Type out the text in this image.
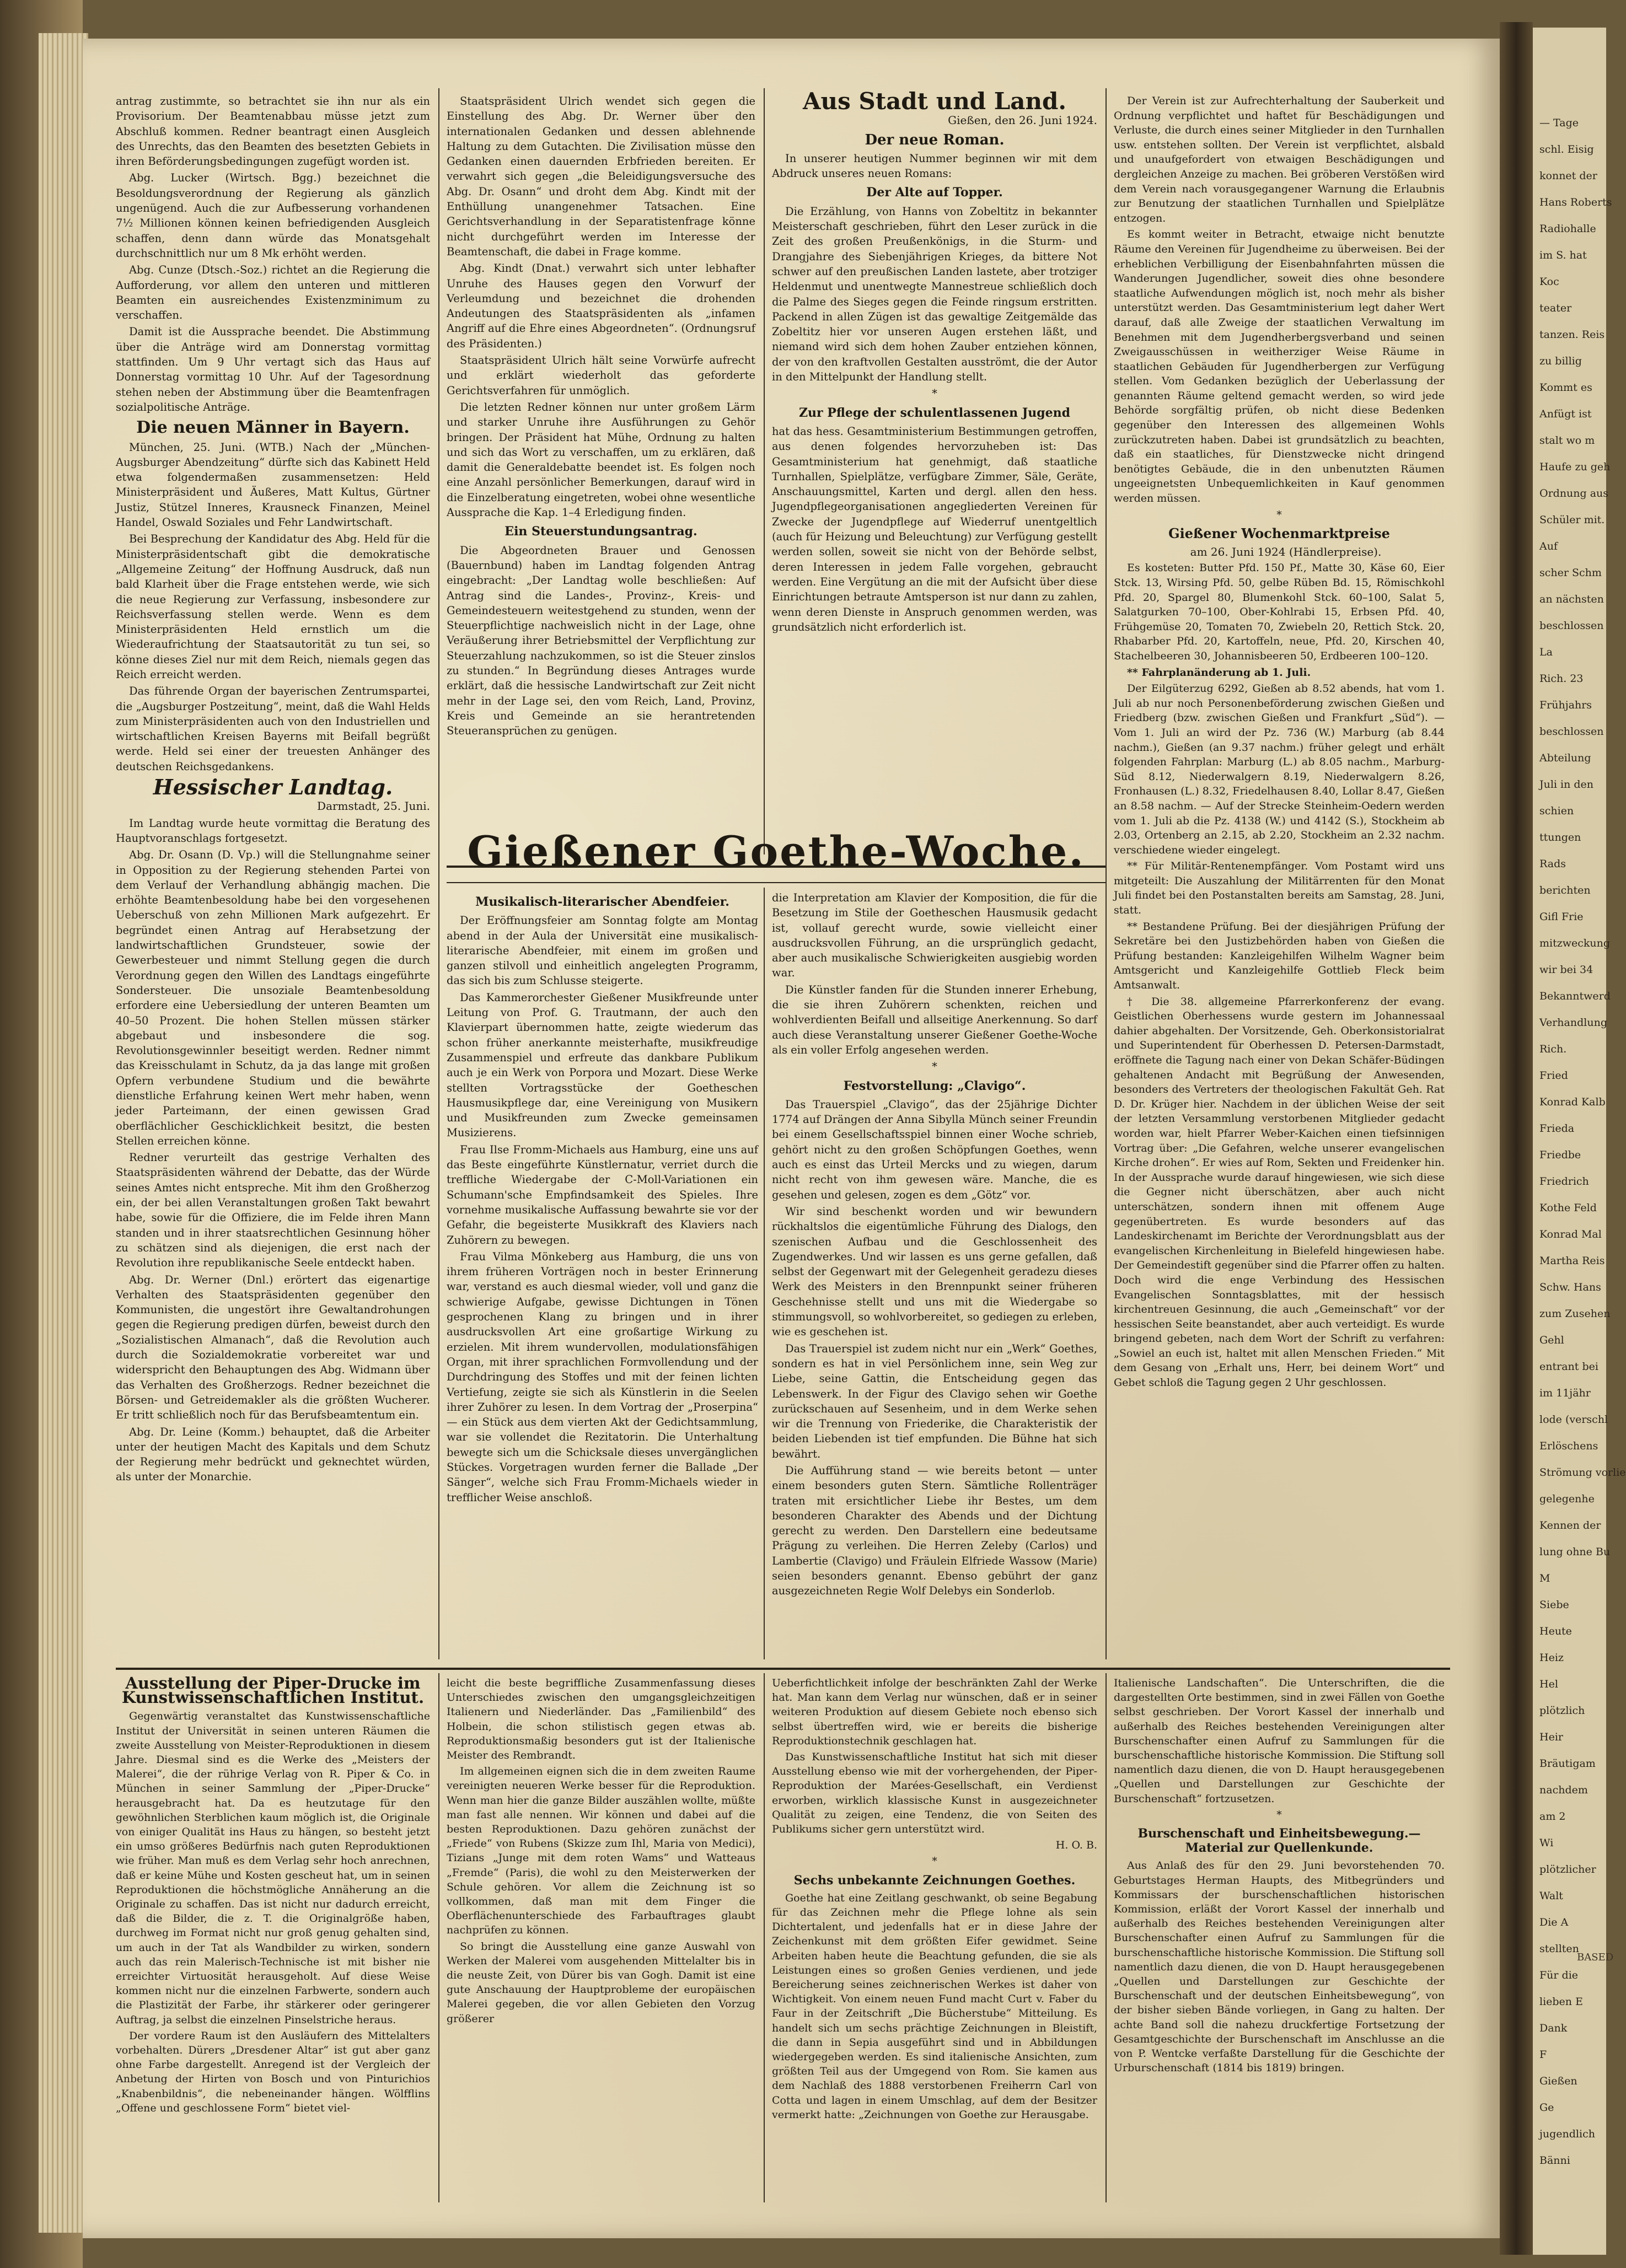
antrag zustimmte, so betrachtet sie ihn nur als ein Provisorium. Der Beamtenabbau müsse jetzt zum Abschluß kommen. Redner beantragt einen Ausgleich des Unrechts, das den Beamten des besetzten Gebiets in ihren Beförderungsbedingungen zugefügt worden ist.

Abg. Lucker (Wirtsch. Bgg.) bezeichnet die Besoldungsverordnung der Regierung als gänzlich ungenügend. Auch die zur Aufbesserung vorhandenen 7½ Millionen können keinen befriedigenden Ausgleich schaffen, denn dann würde das Monatsgehalt durchschnittlich nur um 8 Mk erhöht werden.

Abg. Cunze (Dtsch.-Soz.) richtet an die Regierung die Aufforderung, vor allem den unteren und mittleren Beamten ein ausreichendes Existenzminimum zu verschaffen.

Damit ist die Aussprache beendet. Die Abstimmung über die Anträge wird am Donnerstag vormittag stattfinden. Um 9 Uhr vertagt sich das Haus auf Donnerstag vormittag 10 Uhr. Auf der Tagesordnung stehen neben der Abstimmung über die Beamtenfragen sozialpolitische Anträge.

Die neuen Männer in Bayern.

München, 25. Juni. (WTB.) Nach der „München-Augsburger Abendzeitung“ dürfte sich das Kabinett Held etwa folgendermaßen zusammensetzen: Held Ministerpräsident und Äußeres, Matt Kultus, Gürtner Justiz, Stützel Inneres, Krausneck Finanzen, Meinel Handel, Oswald Soziales und Fehr Landwirtschaft.

Bei Besprechung der Kandidatur des Abg. Held für die Ministerpräsidentschaft gibt die demokratische „Allgemeine Zeitung“ der Hoffnung Ausdruck, daß nun bald Klarheit über die Frage entstehen werde, wie sich die neue Regierung zur Verfassung, insbesondere zur Reichsverfassung stellen werde. Wenn es dem Ministerpräsidenten Held ernstlich um die Wiederaufrichtung der Staatsautorität zu tun sei, so könne dieses Ziel nur mit dem Reich, niemals gegen das Reich erreicht werden.

Das führende Organ der bayerischen Zentrumspartei, die „Augsburger Postzeitung“, meint, daß die Wahl Helds zum Ministerpräsidenten auch von den Industriellen und wirtschaftlichen Kreisen Bayerns mit Beifall begrüßt werde. Held sei einer der treuesten Anhänger des deutschen Reichsgedankens.

Hessischer Landtag.

Darmstadt, 25. Juni.

Im Landtag wurde heute vormittag die Beratung des Hauptvoranschlags fortgesetzt.

Abg. Dr. Osann (D. Vp.) will die Stellungnahme seiner in Opposition zu der Regierung stehenden Partei von dem Verlauf der Verhandlung abhängig machen. Die erhöhte Beamtenbesoldung habe bei den vorgesehenen Ueberschuß von zehn Millionen Mark aufgezehrt. Er begründet einen Antrag auf Herabsetzung der landwirtschaftlichen Grundsteuer, sowie der Gewerbesteuer und nimmt Stellung gegen die durch Verordnung gegen den Willen des Landtags eingeführte Sondersteuer. Die unsoziale Beamtenbesoldung erfordere eine Uebersiedlung der unteren Beamten um 40–50 Prozent. Die hohen Stellen müssen stärker abgebaut und insbesondere die sog. Revolutionsgewinnler beseitigt werden. Redner nimmt das Kreisschulamt in Schutz, da ja das lange mit großen Opfern verbundene Studium und die bewährte dienstliche Erfahrung keinen Wert mehr haben, wenn jeder Parteimann, der einen gewissen Grad oberflächlicher Geschicklichkeit besitzt, die besten Stellen erreichen könne.

Redner verurteilt das gestrige Verhalten des Staatspräsidenten während der Debatte, das der Würde seines Amtes nicht entspreche. Mit ihm den Großherzog ein, der bei allen Veranstaltungen großen Takt bewahrt habe, sowie für die Offiziere, die im Felde ihren Mann standen und in ihrer staatsrechtlichen Gesinnung höher zu schätzen sind als diejenigen, die erst nach der Revolution ihre republikanische Seele entdeckt haben.

Abg. Dr. Werner (Dnl.) erörtert das eigenartige Verhalten des Staatspräsidenten gegenüber den Kommunisten, die ungestört ihre Gewaltandrohungen gegen die Regierung predigen dürfen, beweist durch den „Sozialistischen Almanach“, daß die Revolution auch durch die Sozialdemokratie vorbereitet war und widerspricht den Behauptungen des Abg. Widmann über das Verhalten des Großherzogs. Redner bezeichnet die Börsen- und Getreidemakler als die größten Wucherer. Er tritt schließlich noch für das Berufsbeamtentum ein.

Abg. Dr. Leine (Komm.) behauptet, daß die Arbeiter unter der heutigen Macht des Kapitals und dem Schutz der Regierung mehr bedrückt und geknechtet würden, als unter der Monarchie.

Staatspräsident Ulrich wendet sich gegen die Einstellung des Abg. Dr. Werner über den internationalen Gedanken und dessen ablehnende Haltung zu dem Gutachten. Die Zivilisation müsse den Gedanken einen dauernden Erbfrieden bereiten. Er verwahrt sich gegen „die Beleidigungsversuche des Abg. Dr. Osann“ und droht dem Abg. Kindt mit der Enthüllung unangenehmer Tatsachen. Eine Gerichtsverhandlung in der Separatistenfrage könne nicht durchgeführt werden im Interesse der Beamtenschaft, die dabei in Frage komme.

Abg. Kindt (Dnat.) verwahrt sich unter lebhafter Unruhe des Hauses gegen den Vorwurf der Verleumdung und bezeichnet die drohenden Andeutungen des Staatspräsidenten als „infamen Angriff auf die Ehre eines Abgeordneten“. (Ordnungsruf des Präsidenten.)

Staatspräsident Ulrich hält seine Vorwürfe aufrecht und erklärt wiederholt das geforderte Gerichtsverfahren für unmöglich.

Die letzten Redner können nur unter großem Lärm und starker Unruhe ihre Ausführungen zu Gehör bringen. Der Präsident hat Mühe, Ordnung zu halten und sich das Wort zu verschaffen, um zu erklären, daß damit die Generaldebatte beendet ist. Es folgen noch eine Anzahl persönlicher Bemerkungen, darauf wird in die Einzelberatung eingetreten, wobei ohne wesentliche Aussprache die Kap. 1–4 Erledigung finden.

Ein Steuerstundungsantrag.

Die Abgeordneten Brauer und Genossen (Bauernbund) haben im Landtag folgenden Antrag eingebracht: „Der Landtag wolle beschließen: Auf Antrag sind die Landes-, Provinz-, Kreis- und Gemeindesteuern weitestgehend zu stunden, wenn der Steuerpflichtige nachweislich nicht in der Lage, ohne Veräußerung ihrer Betriebsmittel der Verpflichtung zur Steuerzahlung nachzukommen, so ist die Steuer zinslos zu stunden.“ In Begründung dieses Antrages wurde erklärt, daß die hessische Landwirtschaft zur Zeit nicht mehr in der Lage sei, den vom Reich, Land, Provinz, Kreis und Gemeinde an sie herantretenden Steueransprüchen zu genügen.

Aus Stadt und Land.

Gießen, den 26. Juni 1924.

Der neue Roman.

In unserer heutigen Nummer beginnen wir mit dem Abdruck unseres neuen Romans:

Der Alte auf Topper.

Die Erzählung, von Hanns von Zobeltitz in bekannter Meisterschaft geschrieben, führt den Leser zurück in die Zeit des großen Preußenkönigs, in die Sturm- und Drangjahre des Siebenjährigen Krieges, da bittere Not schwer auf den preußischen Landen lastete, aber trotziger Heldenmut und unentwegte Mannestreue schließlich doch die Palme des Sieges gegen die Feinde ringsum erstritten. Packend in allen Zügen ist das gewaltige Zeitgemälde das Zobeltitz hier vor unseren Augen erstehen läßt, und niemand wird sich dem hohen Zauber entziehen können, der von den kraftvollen Gestalten ausströmt, die der Autor in den Mittelpunkt der Handlung stellt.

*
Zur Pflege der schulentlassenen Jugend

hat das hess. Gesamtministerium Bestimmungen getroffen, aus denen folgendes hervorzuheben ist: Das Gesamtministerium hat genehmigt, daß staatliche Turnhallen, Spielplätze, verfügbare Zimmer, Säle, Geräte, Anschauungsmittel, Karten und dergl. allen den hess. Jugendpflegeorganisationen angegliederten Vereinen für Zwecke der Jugendpflege auf Wiederruf unentgeltlich (auch für Heizung und Beleuchtung) zur Verfügung gestellt werden sollen, soweit sie nicht von der Behörde selbst, deren Interessen in jedem Falle vorgehen, gebraucht werden. Eine Vergütung an die mit der Aufsicht über diese Einrichtungen betraute Amtsperson ist nur dann zu zahlen, wenn deren Dienste in Anspruch genommen werden, was grundsätzlich nicht erforderlich ist.

Der Verein ist zur Aufrechterhaltung der Sauberkeit und Ordnung verpflichtet und haftet für Beschädigungen und Verluste, die durch eines seiner Mitglieder in den Turnhallen usw. entstehen sollten. Der Verein ist verpflichtet, alsbald und unaufgefordert von etwaigen Beschädigungen und dergleichen Anzeige zu machen. Bei gröberen Verstößen wird dem Verein nach vorausgegangener Warnung die Erlaubnis zur Benutzung der staatlichen Turnhallen und Spielplätze entzogen.

Es kommt weiter in Betracht, etwaige nicht benutzte Räume den Vereinen für Jugendheime zu überweisen. Bei der erheblichen Verbilligung der Eisenbahnfahrten müssen die Wanderungen Jugendlicher, soweit dies ohne besondere staatliche Aufwendungen möglich ist, noch mehr als bisher unterstützt werden. Das Gesamtministerium legt daher Wert darauf, daß alle Zweige der staatlichen Verwaltung im Benehmen mit dem Jugendherbergsverband und seinen Zweigausschüssen in weitherziger Weise Räume in staatlichen Gebäuden für Jugendherbergen zur Verfügung stellen. Vom Gedanken bezüglich der Ueberlassung der genannten Räume geltend gemacht werden, so wird jede Behörde sorgfältig prüfen, ob nicht diese Bedenken gegenüber den Interessen des allgemeinen Wohls zurückzutreten haben. Dabei ist grundsätzlich zu beachten, daß ein staatliches, für Dienstzwecke nicht dringend benötigtes Gebäude, die in den unbenutzten Räumen ungeeignetsten Unbequemlichkeiten in Kauf genommen werden müssen.

*
Gießener Wochenmarktpreise

am 26. Juni 1924 (Händlerpreise).

Es kosteten: Butter Pfd. 150 Pf., Matte 30, Käse 60, Eier Stck. 13, Wirsing Pfd. 50, gelbe Rüben Bd. 15, Römischkohl Pfd. 20, Spargel 80, Blumenkohl Stck. 60–100, Salat 5, Salatgurken 70–100, Ober-Kohlrabi 15, Erbsen Pfd. 40, Frühgemüse 20, Tomaten 70, Zwiebeln 20, Rettich Stck. 20, Rhabarber Pfd. 20, Kartoffeln, neue, Pfd. 20, Kirschen 40, Stachelbeeren 30, Johannisbeeren 50, Erdbeeren 100–120.

** Fahrplanänderung ab 1. Juli.

Der Eilgüterzug 6292, Gießen ab 8.52 abends, hat vom 1. Juli ab nur noch Personenbeförderung zwischen Gießen und Friedberg (bzw. zwischen Gießen und Frankfurt „Süd“). — Vom 1. Juli an wird der Pz. 736 (W.) Marburg (ab 8.44 nachm.), Gießen (an 9.37 nachm.) früher gelegt und erhält folgenden Fahrplan: Marburg (L.) ab 8.05 nachm., Marburg-Süd 8.12, Niederwalgern 8.19, Niederwalgern 8.26, Fronhausen (L.) 8.32, Friedelhausen 8.40, Lollar 8.47, Gießen an 8.58 nachm. — Auf der Strecke Steinheim-Oedern werden vom 1. Juli ab die Pz. 4138 (W.) und 4142 (S.), Stockheim ab 2.03, Ortenberg an 2.15, ab 2.20, Stockheim an 2.32 nachm. verschiedene wieder eingelegt.

** Für Militär-Rentenempfänger. Vom Postamt wird uns mitgeteilt: Die Auszahlung der Militärrenten für den Monat Juli findet bei den Postanstalten bereits am Samstag, 28. Juni, statt.

** Bestandene Prüfung. Bei der diesjährigen Prüfung der Sekretäre bei den Justizbehörden haben von Gießen die Prüfung bestanden: Kanzleigehilfen Wilhelm Wagner beim Amtsgericht und Kanzleigehilfe Gottlieb Fleck beim Amtsanwalt.

† Die 38. allgemeine Pfarrerkonferenz der evang. Geistlichen Oberhessens wurde gestern im Johannessaal dahier abgehalten. Der Vorsitzende, Geh. Oberkonsistorialrat und Superintendent für Oberhessen D. Petersen-Darmstadt, eröffnete die Tagung nach einer von Dekan Schäfer-Büdingen gehaltenen Andacht mit Begrüßung der Anwesenden, besonders des Vertreters der theologischen Fakultät Geh. Rat D. Dr. Krüger hier. Nachdem in der üblichen Weise der seit der letzten Versammlung verstorbenen Mitglieder gedacht worden war, hielt Pfarrer Weber-Kaichen einen tiefsinnigen Vortrag über: „Die Gefahren, welche unserer evangelischen Kirche drohen“. Er wies auf Rom, Sekten und Freidenker hin. In der Aussprache wurde darauf hingewiesen, wie sich diese die Gegner nicht überschätzen, aber auch nicht unterschätzen, sondern ihnen mit offenem Auge gegenübertreten. Es wurde besonders auf das Landeskirchenamt im Berichte der Verordnungsblatt aus der evangelischen Kirchenleitung in Bielefeld hingewiesen habe. Der Gemeindestift gegenüber sind die Pfarrer offen zu halten. Doch wird die enge Verbindung des Hessischen Evangelischen Sonntagsblattes, mit der hessisch kirchentreuen Gesinnung, die auch „Gemeinschaft“ vor der hessischen Seite beanstandet, aber auch verteidigt. Es wurde bringend gebeten, nach dem Wort der Schrift zu verfahren: „Sowiel an euch ist, haltet mit allen Menschen Frieden.“ Mit dem Gesang von „Erhalt uns, Herr, bei deinem Wort“ und Gebet schloß die Tagung gegen 2 Uhr geschlossen.

Gießener Goethe-Woche.
Musikalisch-literarischer Abendfeier.

Der Eröffnungsfeier am Sonntag folgte am Montag abend in der Aula der Universität eine musikalisch-literarische Abendfeier, mit einem im großen und ganzen stilvoll und einheitlich angelegten Programm, das sich bis zum Schlusse steigerte.

Das Kammerorchester Gießener Musikfreunde unter Leitung von Prof. G. Trautmann, der auch den Klavierpart übernommen hatte, zeigte wiederum das schon früher anerkannte meisterhafte, musikfreudige Zusammenspiel und erfreute das dankbare Publikum auch je ein Werk von Porpora und Mozart. Diese Werke stellten Vortragsstücke der Goetheschen Hausmusikpflege dar, eine Vereinigung von Musikern und Musikfreunden zum Zwecke gemeinsamen Musizierens.

Frau Ilse Fromm-Michaels aus Hamburg, eine uns auf das Beste eingeführte Künstlernatur, verriet durch die treffliche Wiedergabe der C-Moll-Variationen ein Schumann'sche Empfindsamkeit des Spieles. Ihre vornehme musikalische Auffassung bewahrte sie vor der Gefahr, die begeisterte Musikkraft des Klaviers nach Zuhörern zu bewegen.

Frau Vilma Mönkeberg aus Hamburg, die uns von ihrem früheren Vorträgen noch in bester Erinnerung war, verstand es auch diesmal wieder, voll und ganz die schwierige Aufgabe, gewisse Dichtungen in Tönen gesprochenen Klang zu bringen und in ihrer ausdrucksvollen Art eine großartige Wirkung zu erzielen. Mit ihrem wundervollen, modulationsfähigen Organ, mit ihrer sprachlichen Formvollendung und der Durchdringung des Stoffes und mit der feinen lichten Vertiefung, zeigte sie sich als Künstlerin in die Seelen ihrer Zuhörer zu lesen. In dem Vortrag der „Proserpina“ — ein Stück aus dem vierten Akt der Gedichtsammlung, war sie vollendet die Rezitatorin. Die Unterhaltung bewegte sich um die Schicksale dieses unvergänglichen Stückes. Vorgetragen wurden ferner die Ballade „Der Sänger“, welche sich Frau Fromm-Michaels wieder in trefflicher Weise anschloß.

die Interpretation am Klavier der Komposition, die für die Besetzung im Stile der Goetheschen Hausmusik gedacht ist, vollauf gerecht wurde, sowie vielleicht einer ausdrucksvollen Führung, an die ursprünglich gedacht, aber auch musikalische Schwierigkeiten ausgiebig worden war.

Die Künstler fanden für die Stunden innerer Erhebung, die sie ihren Zuhörern schenkten, reichen und wohlverdienten Beifall und allseitige Anerkennung. So darf auch diese Veranstaltung unserer Gießener Goethe-Woche als ein voller Erfolg angesehen werden.

*
Festvorstellung: „Clavigo“.

Das Trauerspiel „Clavigo“, das der 25jährige Dichter 1774 auf Drängen der Anna Sibylla Münch seiner Freundin bei einem Gesellschaftsspiel binnen einer Woche schrieb, gehört nicht zu den großen Schöpfungen Goethes, wenn auch es einst das Urteil Mercks und zu wiegen, darum nicht recht von ihm gewesen wäre. Manche, die es gesehen und gelesen, zogen es dem „Götz“ vor.

Wir sind beschenkt worden und wir bewundern rückhaltslos die eigentümliche Führung des Dialogs, den szenischen Aufbau und die Geschlossenheit des Zugendwerkes. Und wir lassen es uns gerne gefallen, daß selbst der Gegenwart mit der Gelegenheit geradezu dieses Werk des Meisters in den Brennpunkt seiner früheren Geschehnisse stellt und uns mit die Wiedergabe so stimmungsvoll, so wohlvorbereitet, so gediegen zu erleben, wie es geschehen ist.

Das Trauerspiel ist zudem nicht nur ein „Werk“ Goethes, sondern es hat in viel Persönlichem inne, sein Weg zur Liebe, seine Gattin, die Entscheidung gegen das Lebenswerk. In der Figur des Clavigo sehen wir Goethe zurückschauen auf Sesenheim, und in dem Werke sehen wir die Trennung von Friederike, die Charakteristik der beiden Liebenden ist tief empfunden. Die Bühne hat sich bewährt.

Die Aufführung stand — wie bereits betont — unter einem besonders guten Stern. Sämtliche Rollenträger traten mit ersichtlicher Liebe ihr Bestes, um dem besonderen Charakter des Abends und der Dichtung gerecht zu werden. Den Darstellern eine bedeutsame Prägung zu verleihen. Die Herren Zeleby (Carlos) und Lambertie (Clavigo) und Fräulein Elfriede Wassow (Marie) seien besonders genannt. Ebenso gebührt der ganz ausgezeichneten Regie Wolf Delebys ein Sonderlob.

Ausstellung der Piper-Drucke im Kunstwissenschaftlichen Institut.

Gegenwärtig veranstaltet das Kunstwissenschaftliche Institut der Universität in seinen unteren Räumen die zweite Ausstellung von Meister-Reproduktionen in diesem Jahre. Diesmal sind es die Werke des „Meisters der Malerei“, die der rührige Verlag von R. Piper & Co. in München in seiner Sammlung der „Piper-Drucke“ herausgebracht hat. Da es heutzutage für den gewöhnlichen Sterblichen kaum möglich ist, die Originale von einiger Qualität ins Haus zu hängen, so besteht jetzt ein umso größeres Bedürfnis nach guten Reproduktionen wie früher. Man muß es dem Verlag sehr hoch anrechnen, daß er keine Mühe und Kosten gescheut hat, um in seinen Reproduktionen die höchstmögliche Annäherung an die Originale zu schaffen. Das ist nicht nur dadurch erreicht, daß die Bilder, die z. T. die Originalgröße haben, durchweg im Format nicht nur groß genug gehalten sind, um auch in der Tat als Wandbilder zu wirken, sondern auch das rein Malerisch-Technische ist mit bisher nie erreichter Virtuosität herausgeholt. Auf diese Weise kommen nicht nur die einzelnen Farbwerte, sondern auch die Plastizität der Farbe, ihr stärkerer oder geringerer Auftrag, ja selbst die einzelnen Pinselstriche heraus.

Der vordere Raum ist den Ausläufern des Mittelalters vorbehalten. Dürers „Dresdener Altar“ ist gut aber ganz ohne Farbe dargestellt. Anregend ist der Vergleich der Anbetung der Hirten von Bosch und von Pinturichios „Knabenbildnis“, die nebeneinander hängen. Wölfflins „Offene und geschlossene Form“ bietet viel-

leicht die beste begriffliche Zusammenfassung dieses Unterschiedes zwischen den umgangsgleichzeitigen Italienern und Niederländer. Das „Familienbild“ des Holbein, die schon stilistisch gegen etwas ab. Reproduktionsmaßig besonders gut ist der Italienische Meister des Rembrandt.

Im allgemeinen eignen sich die in dem zweiten Raume vereinigten neueren Werke besser für die Reproduktion. Wenn man hier die ganze Bilder auszählen wollte, müßte man fast alle nennen. Wir können und dabei auf die besten Reproduktionen. Dazu gehören zunächst der „Friede“ von Rubens (Skizze zum Ihl, Maria von Medici), Tizians „Junge mit dem roten Wams“ und Watteaus „Fremde“ (Paris), die wohl zu den Meisterwerken der Schule gehören. Vor allem die Zeichnung ist so vollkommen, daß man mit dem Finger die Oberflächenunterschiede des Farbauftrages glaubt nachprüfen zu können.

So bringt die Ausstellung eine ganze Auswahl von Werken der Malerei vom ausgehenden Mittelalter bis in die neuste Zeit, von Dürer bis van Gogh. Damit ist eine gute Anschauung der Hauptprobleme der europäischen Malerei gegeben, die vor allen Gebieten den Vorzug größerer

Ueberfichtlichkeit infolge der beschränkten Zahl der Werke hat. Man kann dem Verlag nur wünschen, daß er in seiner weiteren Produktion auf diesem Gebiete noch ebenso sich selbst übertreffen wird, wie er bereits die bisherige Reproduktionstechnik geschlagen hat.

Das Kunstwissenschaftliche Institut hat sich mit dieser Ausstellung ebenso wie mit der vorhergehenden, der Piper-Reproduktion der Marées-Gesellschaft, ein Verdienst erworben, wirklich klassische Kunst in ausgezeichneter Qualität zu zeigen, eine Tendenz, die von Seiten des Publikums sicher gern unterstützt wird.

H. O. B.

*
Sechs unbekannte Zeichnungen Goethes.

Goethe hat eine Zeitlang geschwankt, ob seine Begabung für das Zeichnen mehr die Pflege lohne als sein Dichtertalent, und jedenfalls hat er in diese Jahre der Zeichenkunst mit dem größten Eifer gewidmet. Seine Arbeiten haben heute die Beachtung gefunden, die sie als Leistungen eines so großen Genies verdienen, und jede Bereicherung seines zeichnerischen Werkes ist daher von Wichtigkeit. Von einem neuen Fund macht Curt v. Faber du Faur in der Zeitschrift „Die Bücherstube“ Mitteilung. Es handelt sich um sechs prächtige Zeichnungen in Bleistift, die dann in Sepia ausgeführt sind und in Abbildungen wiedergegeben werden. Es sind italienische Ansichten, zum größten Teil aus der Umgegend von Rom. Sie kamen aus dem Nachlaß des 1888 verstorbenen Freiherrn Carl von Cotta und lagen in einem Umschlag, auf dem der Besitzer vermerkt hatte: „Zeichnungen von Goethe zur Herausgabe.

Italienische Landschaften“. Die Unterschriften, die die dargestellten Orte bestimmen, sind in zwei Fällen von Goethe selbst geschrieben. Der Vorort Kassel der innerhalb und außerhalb des Reiches bestehenden Vereinigungen alter Burschenschafter einen Aufruf zu Sammlungen für die burschenschaftliche historische Kommission. Die Stiftung soll namentlich dazu dienen, die von D. Haupt herausgegebenen „Quellen und Darstellungen zur Geschichte der Burschenschaft“ fortzusetzen.

*
Burschenschaft und Einheitsbewegung.— Material zur Quellenkunde.

Aus Anlaß des für den 29. Juni bevorstehenden 70. Geburtstages Herman Haupts, des Mitbegründers und Kommissars der burschenschaftlichen historischen Kommission, erläßt der Vorort Kassel der innerhalb und außerhalb des Reiches bestehenden Vereinigungen alter Burschenschafter einen Aufruf zu Sammlungen für die burschenschaftliche historische Kommission. Die Stiftung soll namentlich dazu dienen, die von D. Haupt herausgegebenen „Quellen und Darstellungen zur Geschichte der Burschenschaft und der deutschen Einheitsbewegung“, von der bisher sieben Bände vorliegen, in Gang zu halten. Der achte Band soll die nahezu druckfertige Fortsetzung der Gesamtgeschichte der Burschenschaft im Anschlusse an die von P. Wentcke verfaßte Darstellung für die Geschichte der Urburschenschaft (1814 bis 1819) bringen.

— Tage
schl. Eisig
konnet der
Hans Roberts
Radiohalle
im S. hat
Koc
teater
tanzen. Reis
zu billig
Kommt es
Anfügt ist
stalt wo m
Haufe zu geh
Ordnung aus
Schüler mit.
Auf
scher Schm
an nächsten
beschlossen
La
Rich. 23
Frühjahrs
beschlossen
Abteilung
Juli in den
schien
ttungen
Rads
berichten
Gifl Frie
mitzweckung
wir bei 34
Bekanntwerd
Verhandlung
Rich.
Fried
Konrad Kalb
Frieda
Friedbe
Friedrich
Kothe Feld
Konrad Mal
Martha Reis
Schw. Hans
zum Zusehen
Gehl
entrant bei
im 11jähr
lode (verschl
Erlöschens
Strömung vorlie
gelegenhe
Kennen der
lung ohne Bu
M
Siebe
Heute
Heiz
Hel
plötzlich
Heir
Bräutigam
nachdem
am 2
Wi
plötzlicher
Walt
Die A
stellten
Für die
lieben E
Dank
F
Gießen
Ge
jugendlich
Bänni
BASED
